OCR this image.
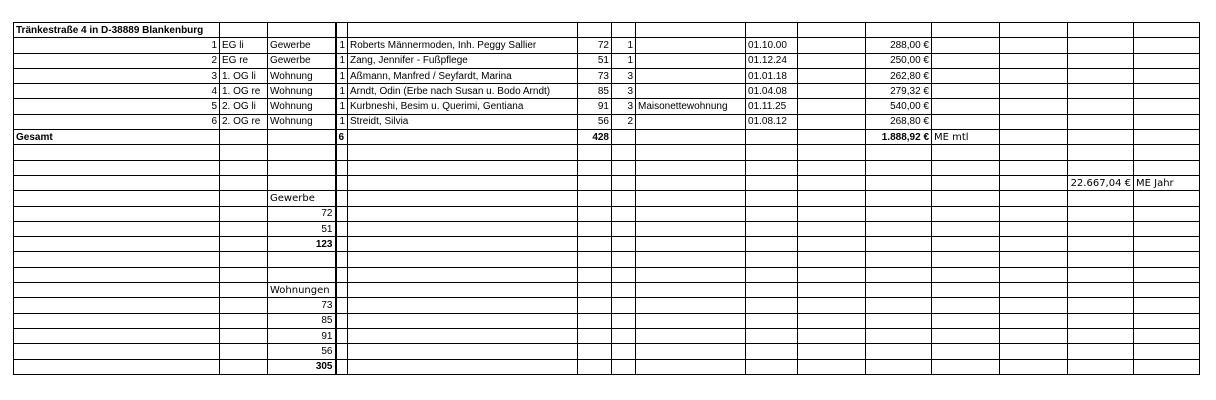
Tränkestraße 4 in D-38889 Blankenburg														
1	EG li	Gewerbe	1	Roberts Männermoden, Inh. Peggy Sallier	72	1		01.10.00		288,00 €				
2	EG re	Gewerbe	1	Zang, Jennifer - Fußpflege	51	1		01.12.24		250,00 €				
3	1. OG li	Wohnung	1	Aßmann, Manfred / Seyfardt, Marina	73	3		01.01.18		262,80 €				
4	1. OG re	Wohnung	1	Arndt, Odin (Erbe nach Susan u. Bodo Arndt)	85	3		01.04.08		279,32 €				
5	2. OG li	Wohnung	1	Kurbneshi, Besim u. Querimi, Gentiana	91	3	Maisonettewohnung	01.11.25		540,00 €				
6	2. OG re	Wohnung	1	Streidt, Silvia	56	2		01.08.12		268,80 €				
Gesamt			6		428					1.888,92 €	ME mtl			

													22.667,04 €	ME Jahr
		Gewerbe												
		72												
		51												
		123												

		Wohnungen												
		73												
		85												
		91												
		56												
		305												
